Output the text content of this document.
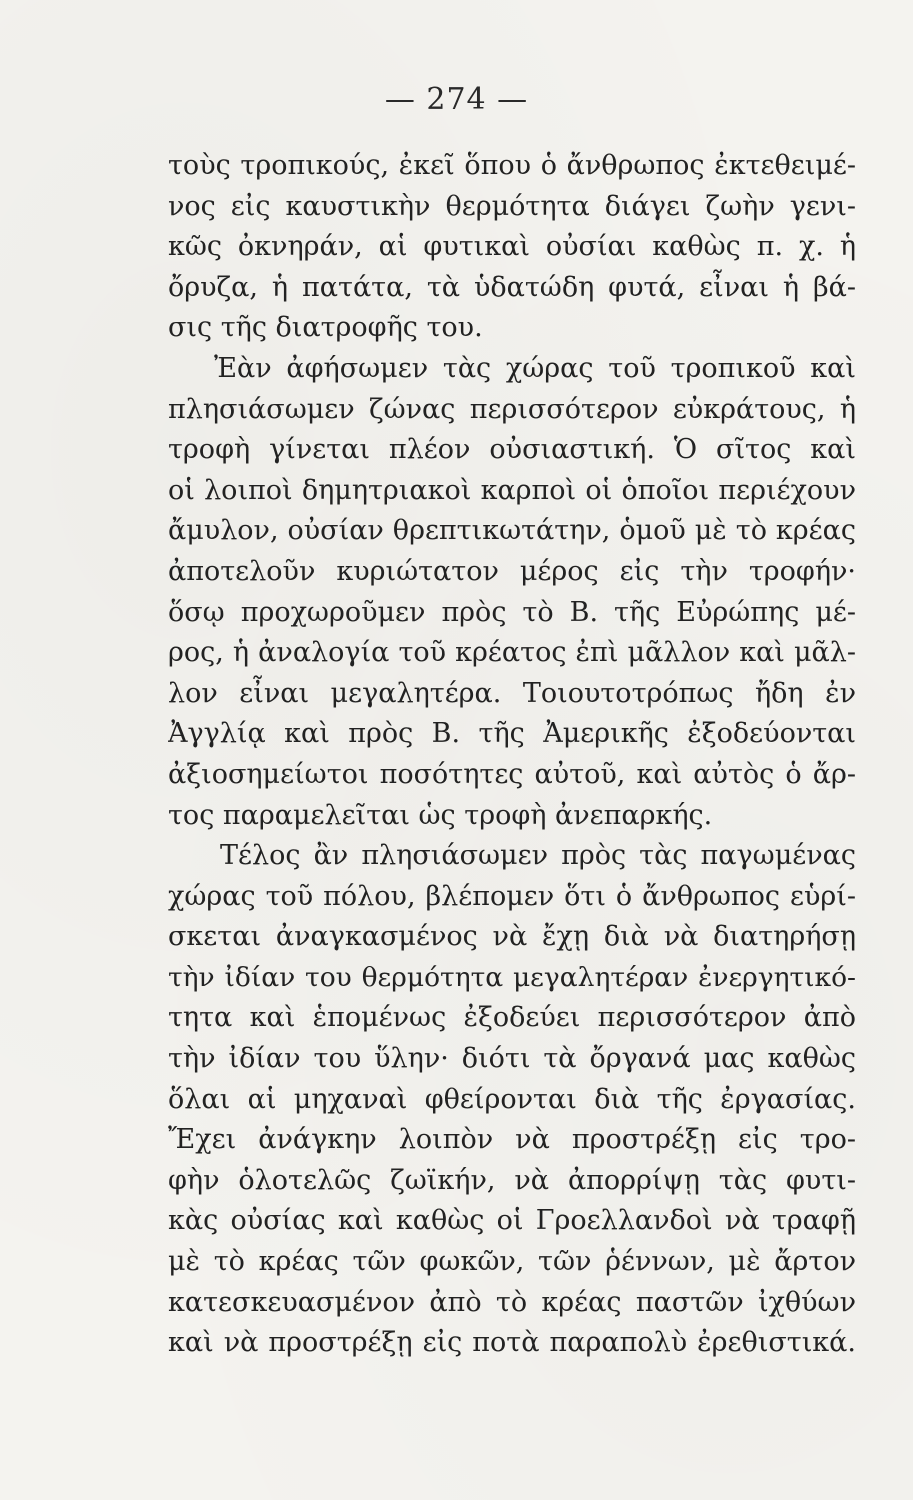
— 274 —
τοὺς τροπικούς, ἐκεῖ ὅπου ὁ ἄνθρωπος ἐκτεθειμέ-
νος εἰς καυστικὴν θερμότητα διάγει ζωὴν γενι-
κῶς ὀκνηράν, αἱ φυτικαὶ οὐσίαι καθὼς π. χ. ἡ
ὄρυζα, ἡ πατάτα, τὰ ὑδατώδη φυτά, εἶναι ἡ βά-
σις τῆς διατροφῆς του.
Ἐὰν ἀφήσωμεν τὰς χώρας τοῦ τροπικοῦ καὶ
πλησιάσωμεν ζώνας περισσότερον εὐκράτους, ἡ
τροφὴ γίνεται πλέον οὐσιαστική. Ὁ σῖτος καὶ
οἱ λοιποὶ δημητριακοὶ καρποὶ οἱ ὁποῖοι περιέχουν
ἄμυλον, οὐσίαν θρεπτικωτάτην, ὁμοῦ μὲ τὸ κρέας
ἀποτελοῦν κυριώτατον μέρος εἰς τὴν τροφήν·
ὅσῳ προχωροῦμεν πρὸς τὸ Β. τῆς Εὐρώπης μέ-
ρος, ἡ ἀναλογία τοῦ κρέατος ἐπὶ μᾶλλον καὶ μᾶλ-
λον εἶναι μεγαλητέρα. Τοιουτοτρόπως ἤδη ἐν
Ἀγγλίᾳ καὶ πρὸς Β. τῆς Ἀμερικῆς ἐξοδεύονται
ἀξιοσημείωτοι ποσότητες αὐτοῦ, καὶ αὐτὸς ὁ ἄρ-
τος παραμελεῖται ὡς τροφὴ ἀνεπαρκής.
Τέλος ἂν πλησιάσωμεν πρὸς τὰς παγωμένας
χώρας τοῦ πόλου, βλέπομεν ὅτι ὁ ἄνθρωπος εὑρί-
σκεται ἀναγκασμένος νὰ ἔχῃ διὰ νὰ διατηρήσῃ
τὴν ἰδίαν του θερμότητα μεγαλητέραν ἐνεργητικό-
τητα καὶ ἑπομένως ἐξοδεύει περισσότερον ἀπὸ
τὴν ἰδίαν του ὕλην· διότι τὰ ὄργανά μας καθὼς
ὅλαι αἱ μηχαναὶ φθείρονται διὰ τῆς ἐργασίας.
Ἔχει ἀνάγκην λοιπὸν νὰ προστρέξῃ εἰς τρο-
φὴν ὁλοτελῶς ζωϊκήν, νὰ ἀπορρίψῃ τὰς φυτι-
κὰς οὐσίας καὶ καθὼς οἱ Γροελλανδοὶ νὰ τραφῇ
μὲ τὸ κρέας τῶν φωκῶν, τῶν ῥέννων, μὲ ἄρτον
κατεσκευασμένον ἀπὸ τὸ κρέας παστῶν ἰχθύων
καὶ νὰ προστρέξῃ εἰς ποτὰ παραπολὺ ἐρεθιστικά.
